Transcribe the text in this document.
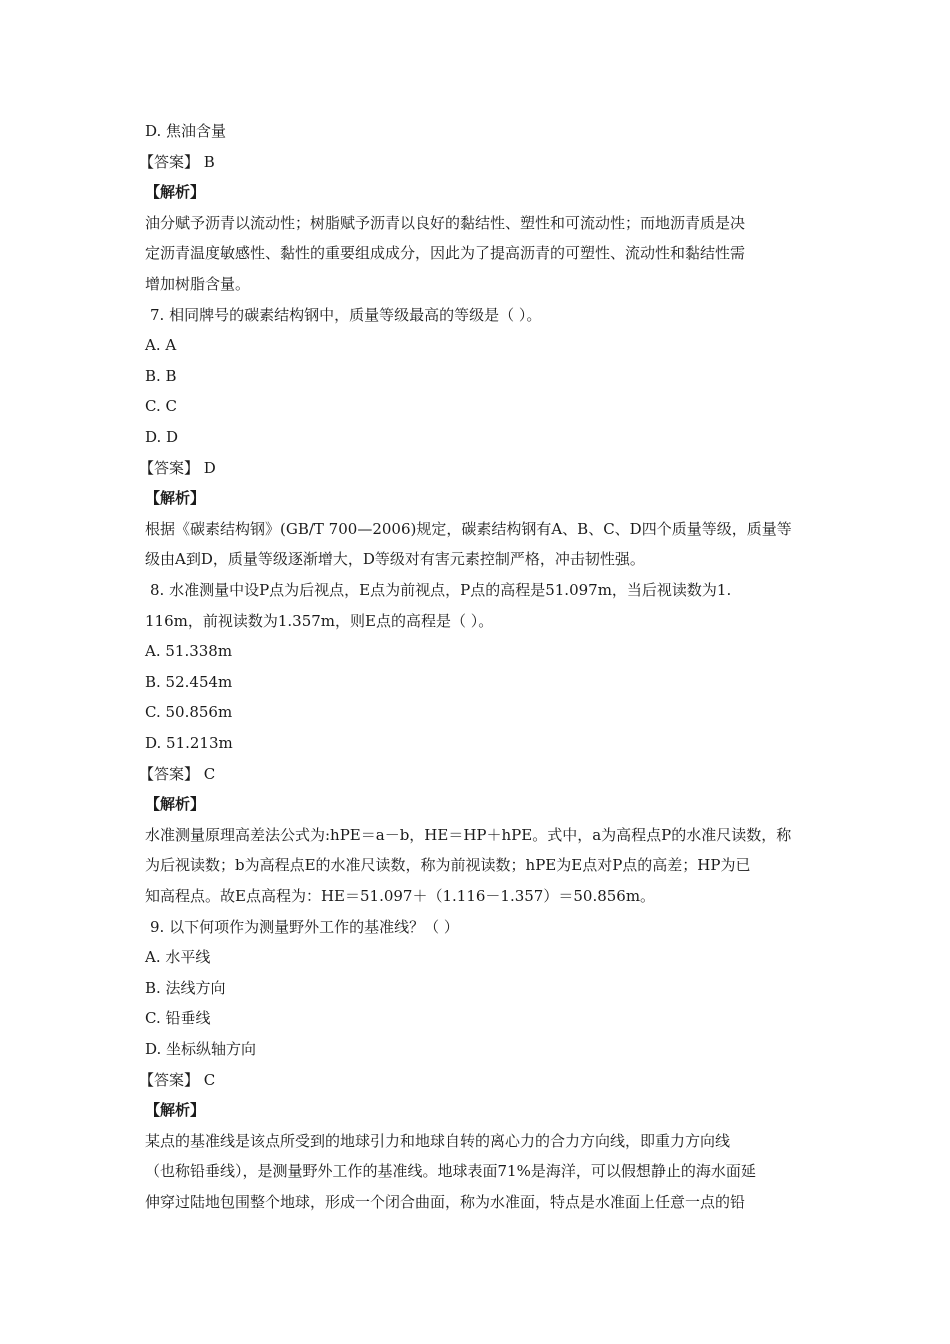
D. 焦油含量
【答案】 B
【解析】
油分赋予沥青以流动性；树脂赋予沥青以良好的黏结性、塑性和可流动性；而地沥青质是决
定沥青温度敏感性、黏性的重要组成成分，因此为了提高沥青的可塑性、流动性和黏结性需
增加树脂含量。
7. 相同牌号的碳素结构钢中，质量等级最高的等级是（ ）。
A. A
B. B
C. C
D. D
【答案】 D
【解析】
根据《碳素结构钢》(GB/T 700—2006)规定，碳素结构钢有A、B、C、D四个质量等级，质量等
级由A到D，质量等级逐渐增大，D等级对有害元素控制严格，冲击韧性强。
8. 水准测量中设P点为后视点，E点为前视点，P点的高程是51.097m，当后视读数为1.
116m，前视读数为1.357m，则E点的高程是（ ）。
A. 51.338m
B. 52.454m
C. 50.856m
D. 51.213m
【答案】 C
【解析】
水准测量原理高差法公式为:hPE＝a－b，HE＝HP＋hPE。式中，a为高程点P的水准尺读数，称
为后视读数；b为高程点E的水准尺读数，称为前视读数；hPE为E点对P点的高差；HP为已
知高程点。故E点高程为：HE＝51.097＋（1.116－1.357）＝50.856m。
9. 以下何项作为测量野外工作的基准线？（ ）
A. 水平线
B. 法线方向
C. 铅垂线
D. 坐标纵轴方向
【答案】 C
【解析】
某点的基准线是该点所受到的地球引力和地球自转的离心力的合力方向线，即重力方向线
（也称铅垂线），是测量野外工作的基准线。地球表面71%是海洋，可以假想静止的海水面延
伸穿过陆地包围整个地球，形成一个闭合曲面，称为水准面，特点是水准面上任意一点的铅
